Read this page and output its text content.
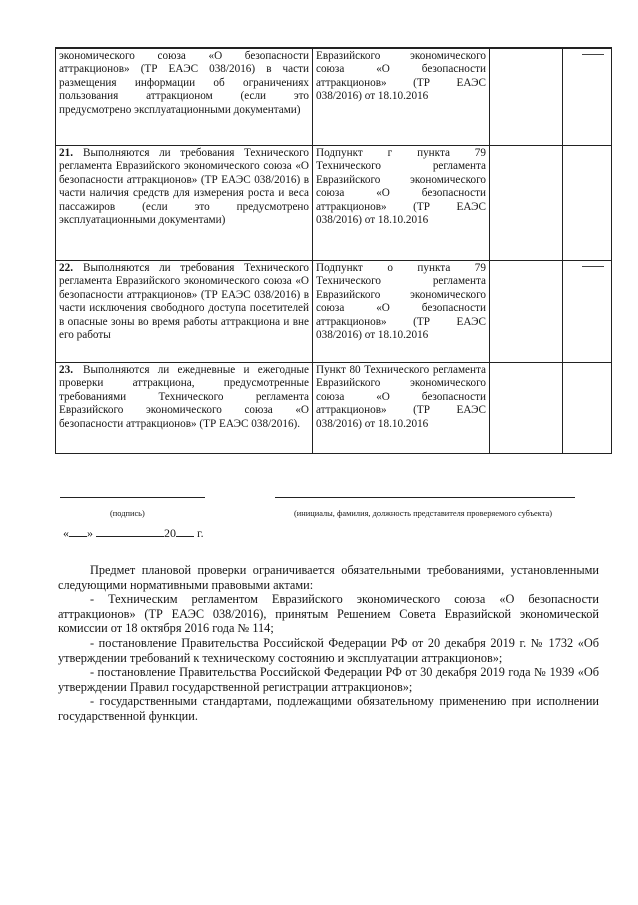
экономического союза «О безопасности аттракционов» (ТР ЕАЭС 038/2016) в части размещения информации об ограничениях пользования аттракционом (если это предусмотрено эксплуатационными документами)	Евразийского экономического союза «О безопасности аттракционов» (ТР ЕАЭС 038/2016) от 18.10.2016		
21. Выполняются ли требования Технического регламента Евразийского экономического союза «О безопасности аттракционов» (ТР ЕАЭС 038/2016) в части наличия средств для измерения роста и веса пассажиров (если это предусмотрено эксплуатационными документами)	Подпункт г пункта 79 Технического регламента Евразийского экономического союза «О безопасности аттракционов» (ТР ЕАЭС 038/2016) от 18.10.2016		
22. Выполняются ли требования Технического регламента Евразийского экономического союза «О безопасности аттракционов» (ТР ЕАЭС 038/2016) в части исключения свободного доступа посетителей в опасные зоны во время работы аттракциона и вне его работы	Подпункт о пункта 79 Технического регламента Евразийского экономического союза «О безопасности аттракционов» (ТР ЕАЭС 038/2016) от 18.10.2016		
23. Выполняются ли ежедневные и ежегодные проверки аттракциона, предусмотренные требованиями Технического регламента Евразийского экономического союза «О безопасности аттракционов» (ТР ЕАЭС 038/2016).	Пункт 80 Технического регламента Евразийского экономического союза «О безопасности аттракционов» (ТР ЕАЭС 038/2016) от 18.10.2016		
(подпись)	(инициалы, фамилия, должность представителя проверяемого субъекта)
« »	20 г.

Предмет плановой проверки ограничивается обязательными требованиями, установленными следующими нормативными правовыми актами:

- Техническим регламентом Евразийского экономического союза «О безопасности аттракционов» (ТР ЕАЭС 038/2016), принятым Решением Совета Евразийской экономической комиссии от 18 октября 2016 года № 114;

- постановление Правительства Российской Федерации РФ от 20 декабря 2019 г. № 1732 «Об утверждении требований к техническому состоянию и эксплуатации аттракционов»;

- постановление Правительства Российской Федерации РФ от 30 декабря 2019 года № 1939 «Об утверждении Правил государственной регистрации аттракционов»;

- государственными стандартами, подлежащими обязательному применению при исполнении государственной функции.
